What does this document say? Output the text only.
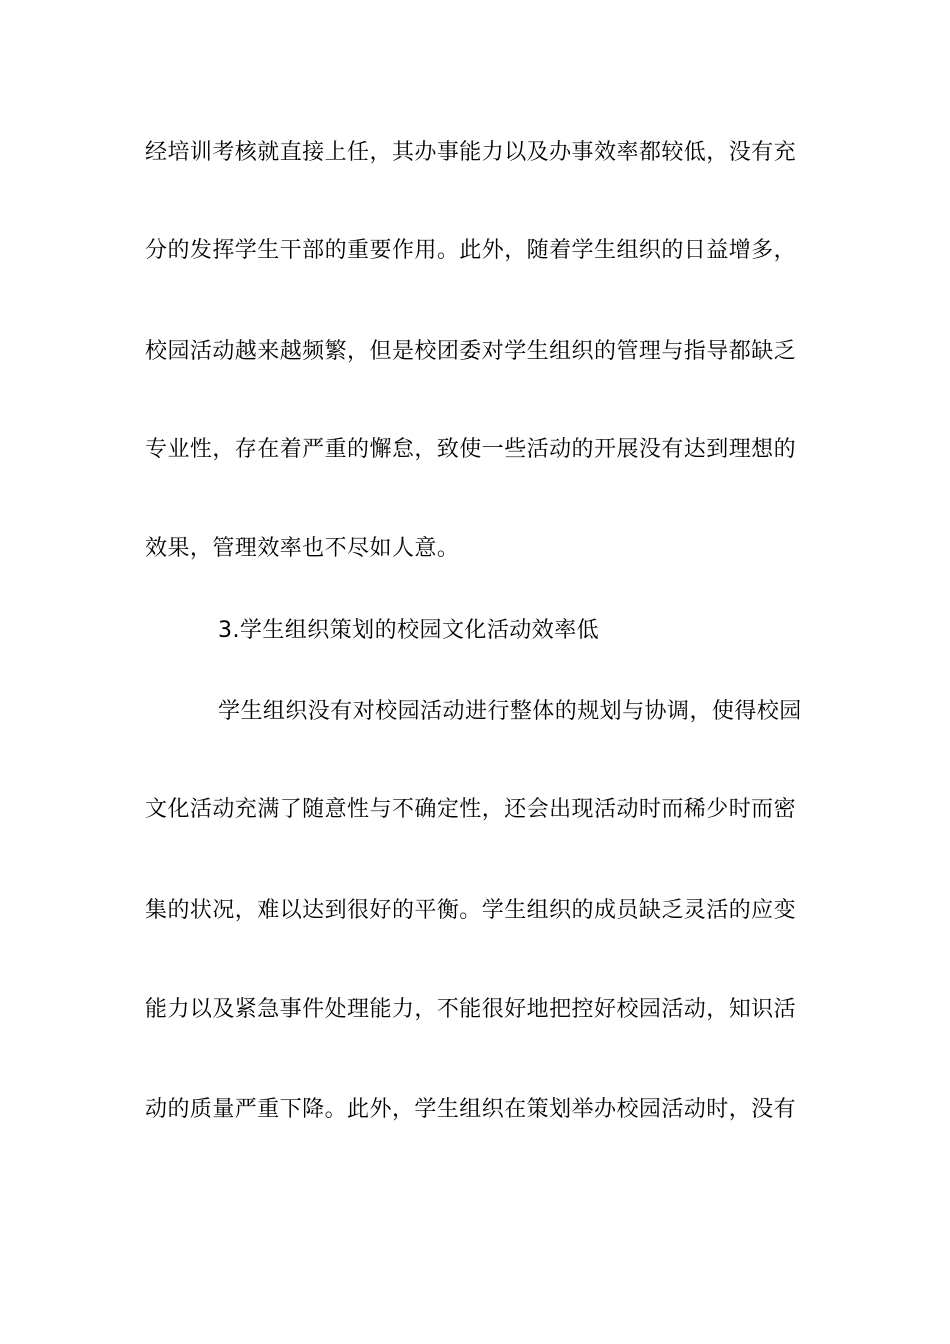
经培训考核就直接上任，其办事能力以及办事效率都较低，没有充
分的发挥学生干部的重要作用。此外，随着学生组织的日益增多，
校园活动越来越频繁，但是校团委对学生组织的管理与指导都缺乏
专业性，存在着严重的懈怠，致使一些活动的开展没有达到理想的
效果，管理效率也不尽如人意。
3.学生组织策划的校园文化活动效率低
学生组织没有对校园活动进行整体的规划与协调，使得校园
文化活动充满了随意性与不确定性，还会出现活动时而稀少时而密
集的状况，难以达到很好的平衡。学生组织的成员缺乏灵活的应变
能力以及紧急事件处理能力，不能很好地把控好校园活动，知识活
动的质量严重下降。此外，学生组织在策划举办校园活动时，没有
